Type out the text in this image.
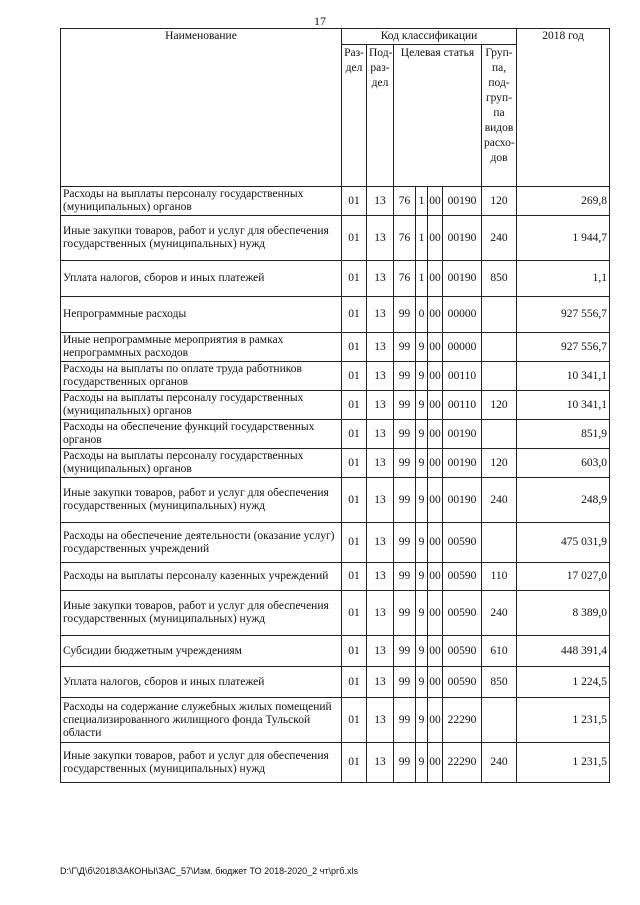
17
Наименование	Код классификации							2018 год
	Раз-дел	Под-раз-дел	Целевая статья				Груп-па, под-груп-па видов расхо-дов	
Расходы на выплаты персоналу государственных (муниципальных) органов	01	13	76	1	00	00190	120	269,8
Иные закупки товаров, работ и услуг для обеспечения государственных (муниципальных) нужд	01	13	76	1	00	00190	240	1 944,7
Уплата налогов, сборов и иных платежей	01	13	76	1	00	00190	850	1,1
Непрограммные расходы	01	13	99	0	00	00000		927 556,7
Иные непрограммные мероприятия в рамках непрограммных расходов	01	13	99	9	00	00000		927 556,7
Расходы на выплаты по оплате труда работников государственных органов	01	13	99	9	00	00110		10 341,1
Расходы на выплаты персоналу государственных (муниципальных) органов	01	13	99	9	00	00110	120	10 341,1
Расходы на обеспечение функций государственных органов	01	13	99	9	00	00190		851,9
Расходы на выплаты персоналу государственных (муниципальных) органов	01	13	99	9	00	00190	120	603,0
Иные закупки товаров, работ и услуг для обеспечения государственных (муниципальных) нужд	01	13	99	9	00	00190	240	248,9
Расходы на обеспечение деятельности (оказание услуг) государственных учреждений	01	13	99	9	00	00590		475 031,9
Расходы на выплаты персоналу казенных учреждений	01	13	99	9	00	00590	110	17 027,0
Иные закупки товаров, работ и услуг для обеспечения государственных (муниципальных) нужд	01	13	99	9	00	00590	240	8 389,0
Субсидии бюджетным учреждениям	01	13	99	9	00	00590	610	448 391,4
Уплата налогов, сборов и иных платежей	01	13	99	9	00	00590	850	1 224,5
Расходы на содержание служебных жилых помещений специализированного жилищного фонда Тульской области	01	13	99	9	00	22290		1 231,5
Иные закупки товаров, работ и услуг для обеспечения государственных (муниципальных) нужд	01	13	99	9	00	22290	240	1 231,5
D:\Г\Д\б\2018\ЗАКОНЫ\ЗАС_57\Изм. бюджет ТО 2018-2020_2 чт\ргб.xls
